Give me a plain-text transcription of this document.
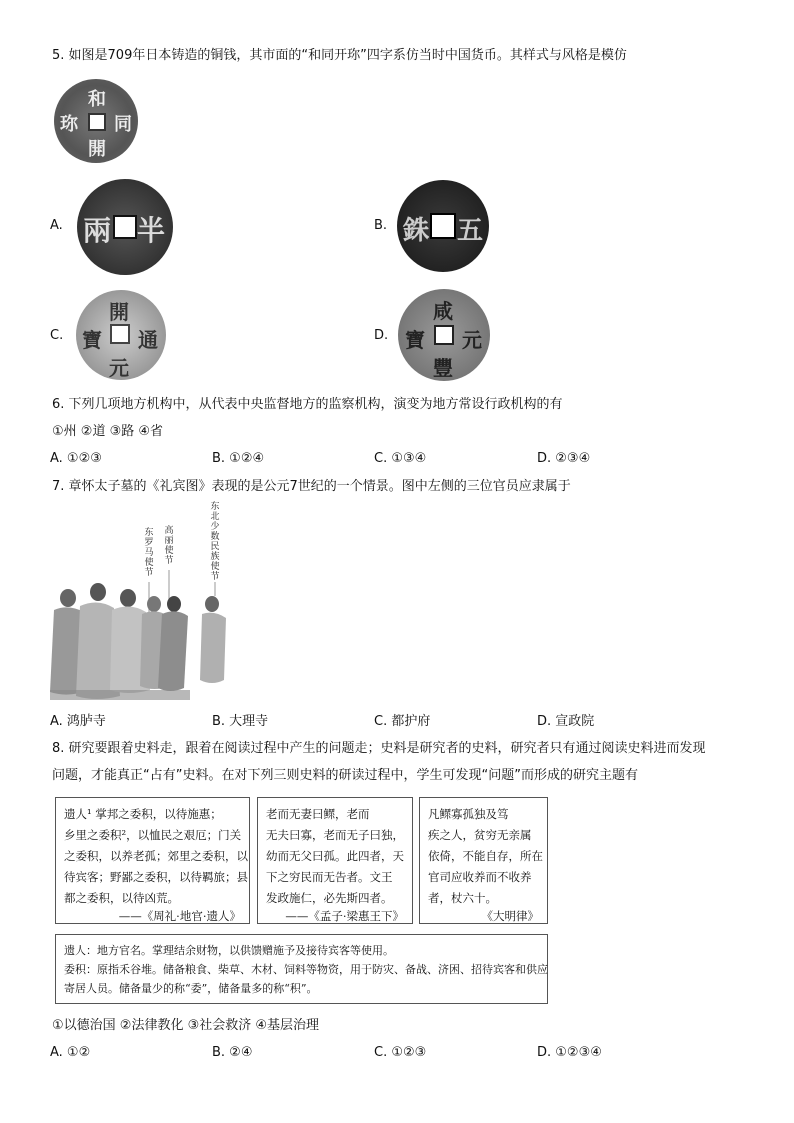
5. 如图是709年日本铸造的铜钱，其市面的“和同开珎”四字系仿当时中国货币。其样式与风格是模仿
和
同
開
珎
A.	半
兩	B.	五
銖
C.
開
元
通
寶	D.
咸
豐
元
寶
6. 下列几项地方机构中，从代表中央监督地方的监察机构，演变为地方常设行政机构的有
①州 ②道 ③路 ④省
A. ①②③	B. ①②④	C. ①③④	D. ②③④
7. 章怀太子墓的《礼宾图》表现的是公元7世纪的一个情景。图中左侧的三位官员应隶属于
东罗马使节
高丽使节
东北少数民族使节
A. 鸿胪寺	B. 大理寺	C. 都护府	D. 宣政院
8. 研究要跟着史料走，跟着在阅读过程中产生的问题走；史料是研究者的史料，研究者只有通过阅读史料进而发现
问题，才能真正“占有”史料。在对下列三则史料的研读过程中，学生可发现“问题”而形成的研究主题有
遗人¹ 掌邦之委积，以待施惠；
乡里之委积²，以恤民之艰厄；门关
之委积，以养老孤；郊里之委积，以
待宾客；野鄙之委积，以待羁旅；县
都之委积，以待凶荒。
——《周礼·地官·遗人》
老而无妻曰鳏，老而
无夫曰寡，老而无子曰独，
幼而无父曰孤。此四者，天
下之穷民而无告者。文王
发政施仁，必先斯四者。
——《孟子·梁惠王下》
凡鳏寡孤独及笃
疾之人，贫穷无亲属
依倚，不能自存，所在
官司应收养而不收养
者，杖六十。
《大明律》
遗人：地方官名。掌理结余财物，以供馈赠施予及接待宾客等使用。
委积：原指禾谷堆。储备粮食、柴草、木材、饲料等物资，用于防灾、备战、济困、招待宾客和供应
寄居人员。储备量少的称“委”，储备量多的称“积”。
①以德治国 ②法律教化 ③社会救济 ④基层治理
A. ①②	B. ②④	C. ①②③	D. ①②③④
